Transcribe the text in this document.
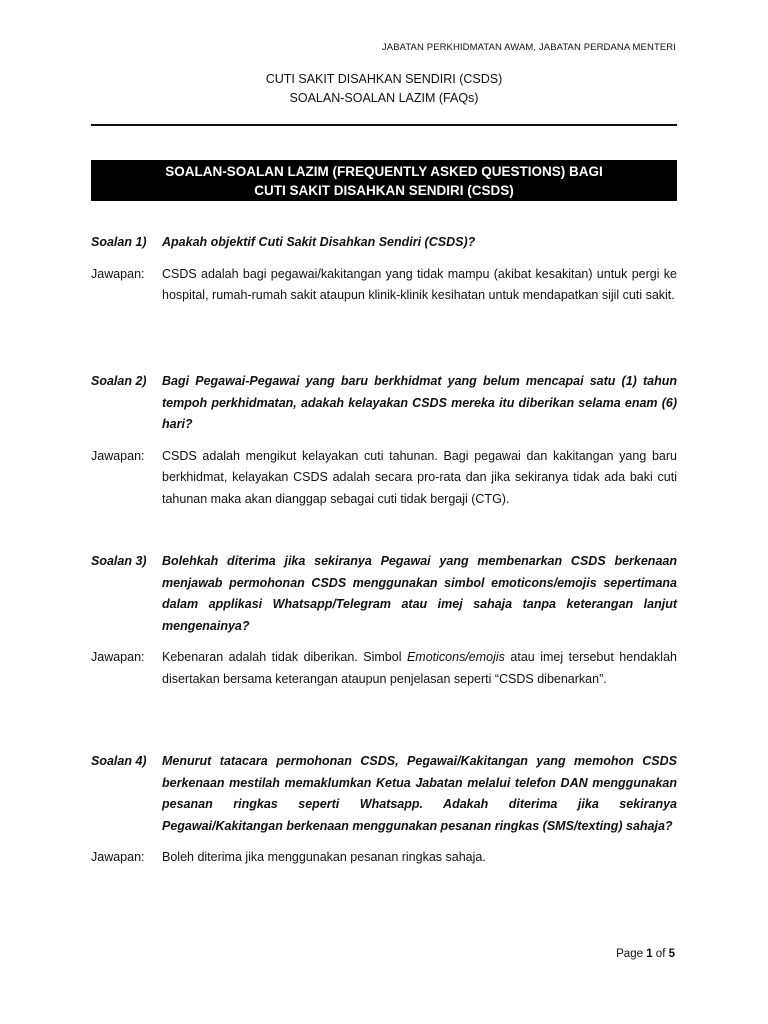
JABATAN PERKHIDMATAN AWAM, JABATAN PERDANA MENTERI
CUTI SAKIT DISAHKAN SENDIRI (CSDS)
SOALAN-SOALAN LAZIM (FAQs)
SOALAN-SOALAN LAZIM (FREQUENTLY ASKED QUESTIONS) BAGI
CUTI SAKIT DISAHKAN SENDIRI (CSDS)
Soalan 1)	Apakah objektif Cuti Sakit Disahkan Sendiri (CSDS)?
Jawapan:	CSDS adalah bagi pegawai/kakitangan yang tidak mampu (akibat kesakitan) untuk pergi ke hospital, rumah-rumah sakit ataupun klinik-klinik kesihatan untuk mendapatkan sijil cuti sakit.
Soalan 2)	Bagi Pegawai-Pegawai yang baru berkhidmat yang belum mencapai satu (1) tahun tempoh perkhidmatan, adakah kelayakan CSDS mereka itu diberikan selama enam (6) hari?
Jawapan:	CSDS adalah mengikut kelayakan cuti tahunan. Bagi pegawai dan kakitangan yang baru berkhidmat, kelayakan CSDS adalah secara pro-rata dan jika sekiranya tidak ada baki cuti tahunan maka akan dianggap sebagai cuti tidak bergaji (CTG).
Soalan 3)	Bolehkah diterima jika sekiranya Pegawai yang membenarkan CSDS berkenaan menjawab permohonan CSDS menggunakan simbol emoticons/emojis sepertimana dalam applikasi Whatsapp/Telegram atau imej sahaja tanpa keterangan lanjut mengenainya?
Jawapan:	Kebenaran adalah tidak diberikan. Simbol Emoticons/emojis atau imej tersebut hendaklah disertakan bersama keterangan ataupun penjelasan seperti “CSDS dibenarkan”.
Soalan 4)	Menurut tatacara permohonan CSDS, Pegawai/Kakitangan yang memohon CSDS berkenaan mestilah memaklumkan Ketua Jabatan melalui telefon DAN menggunakan pesanan ringkas seperti Whatsapp. Adakah diterima jika sekiranya Pegawai/Kakitangan berkenaan menggunakan pesanan ringkas (SMS/texting) sahaja?
Jawapan:	Boleh diterima jika menggunakan pesanan ringkas sahaja.
Page 1 of 5
